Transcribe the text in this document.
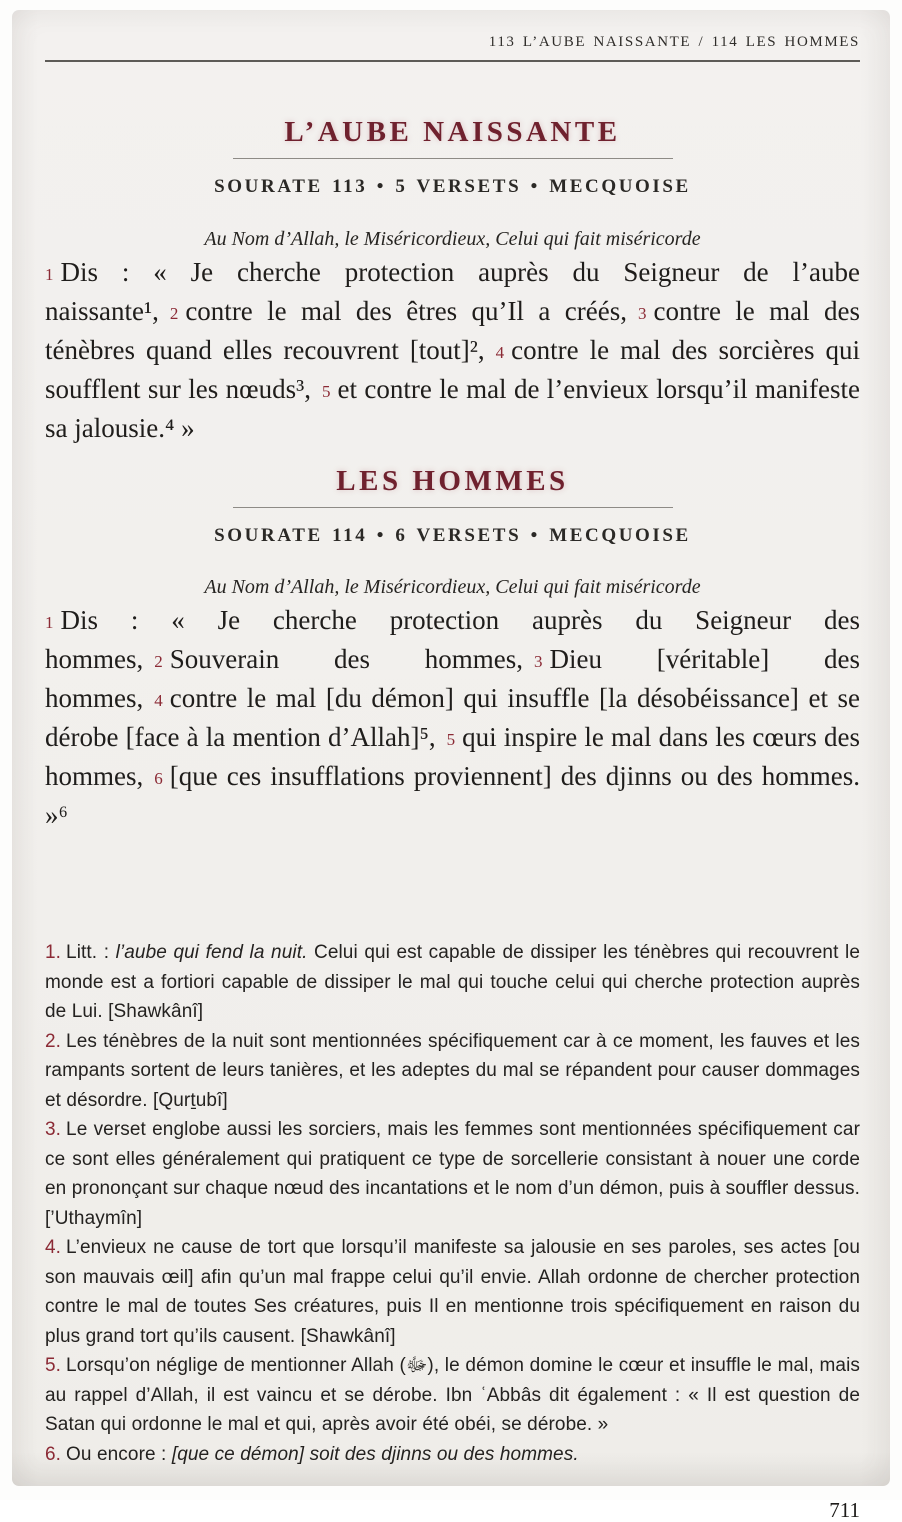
113 L’AUBE NAISSANTE / 114 LES HOMMES
L’AUBE NAISSANTE
SOURATE 113 • 5 VERSETS • MECQUOISE
Au Nom d’Allah, le Miséricordieux, Celui qui fait miséricorde

1 Dis : « Je cherche protection auprès du Seigneur de l’aube naissante¹, 2 contre le mal des êtres qu’Il a créés, 3 contre le mal des ténèbres quand elles recouvrent [tout]², 4 contre le mal des sorcières qui soufflent sur les nœuds³, 5 et contre le mal de l’envieux lorsqu’il manifeste sa jalousie.⁴ »

LES HOMMES
SOURATE 114 • 6 VERSETS • MECQUOISE
Au Nom d’Allah, le Miséricordieux, Celui qui fait miséricorde

1 Dis : « Je cherche protection auprès du Seigneur des hommes, 2 Souverain des hommes, 3 Dieu [véritable] des hommes, 4 contre le mal [du démon] qui insuffle [la désobéissance] et se dérobe [face à la mention d’Allah]⁵, 5 qui inspire le mal dans les cœurs des hommes, 6 [que ces insufflations proviennent] des djinns ou des hommes. »⁶

1. Litt. : l’aube qui fend la nuit. Celui qui est capable de dissiper les ténèbres qui recouvrent le monde est a fortiori capable de dissiper le mal qui touche celui qui cherche protection auprès de Lui. [Shawkânî]

2. Les ténèbres de la nuit sont mentionnées spécifiquement car à ce moment, les fauves et les rampants sortent de leurs tanières, et les adeptes du mal se répandent pour causer dommages et désordre. [Qurṯubî]

3. Le verset englobe aussi les sorciers, mais les femmes sont mentionnées spécifiquement car ce sont elles généralement qui pratiquent ce type de sorcellerie consistant à nouer une corde en prononçant sur chaque nœud des incantations et le nom d’un démon, puis à souffler dessus. [’Uthaymîn]

4. L’envieux ne cause de tort que lorsqu’il manifeste sa jalousie en ses paroles, ses actes [ou son mauvais œil] afin qu’un mal frappe celui qu’il envie. Allah ordonne de chercher protection contre le mal de toutes Ses créatures, puis Il en mentionne trois spécifiquement en raison du plus grand tort qu’ils causent. [Shawkânî]

5. Lorsqu’on néglige de mentionner Allah (ﷻ), le démon domine le cœur et insuffle le mal, mais au rappel d’Allah, il est vaincu et se dérobe. Ibn ʿAbbâs dit également : « Il est question de Satan qui ordonne le mal et qui, après avoir été obéi, se dérobe. »

6. Ou encore : [que ce démon] soit des djinns ou des hommes.

711
